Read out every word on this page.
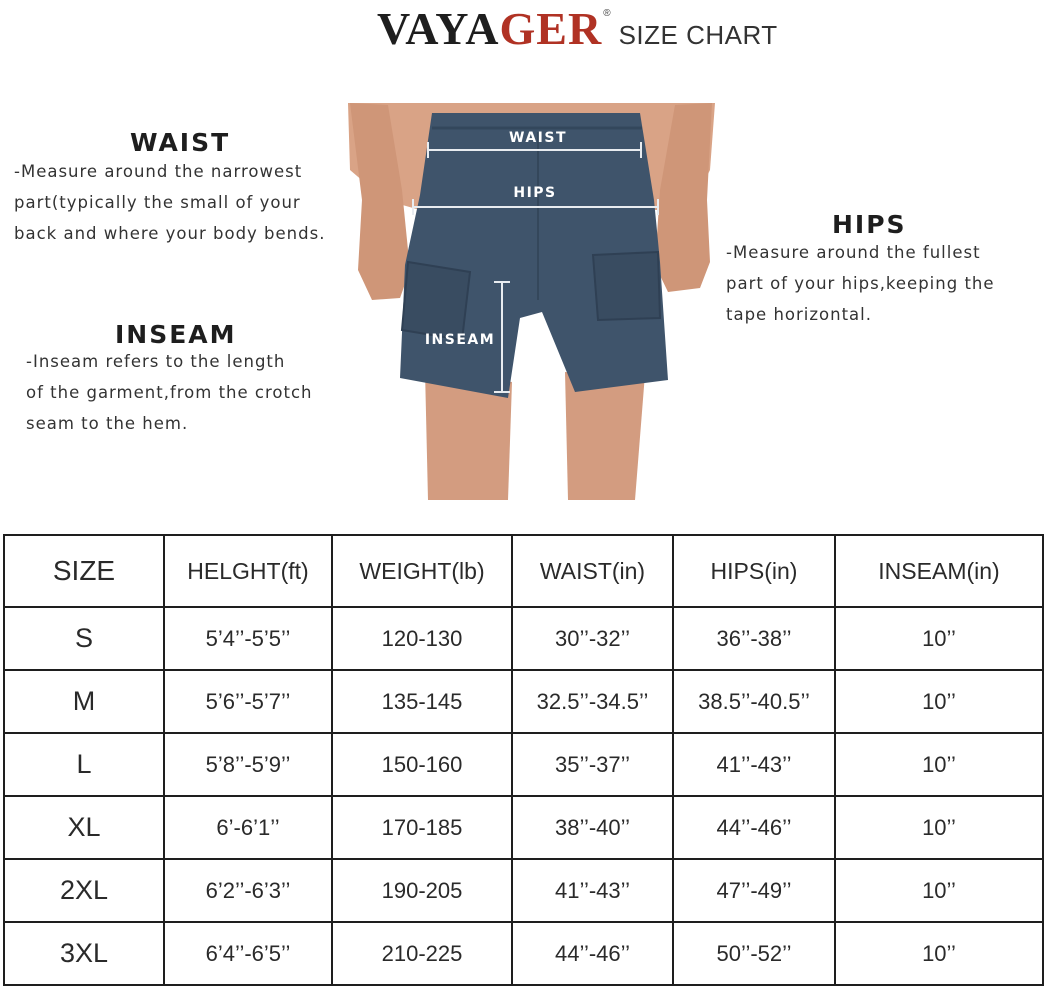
VAYA GER ®
SIZE CHART
WAIST
-Measure around the narrowest
part(typically the small of your
back and where your body bends.
INSEAM
-Inseam refers to the length
of the garment,from the crotch
seam to the hem.
HIPS
-Measure around the fullest
part of your hips,keeping the
tape horizontal.
WAIST
HIPS
INSEAM
SIZE	HELGHT(ft)	WEIGHT(lb)	WAIST(in)	HIPS(in)	INSEAM(in)
S	5’4’’-5’5’’	120-130	30’’-32’’	36’’-38’’	10’’
M	5’6’’-5’7’’	135-145	32.5’’-34.5’’	38.5’’-40.5’’	10’’
L	5’8’’-5’9’’	150-160	35’’-37’’	41’’-43’’	10’’
XL	6’-6’1’’	170-185	38’’-40’’	44’’-46’’	10’’
2XL	6’2’’-6’3’’	190-205	41’’-43’’	47’’-49’’	10’’
3XL	6’4’’-6’5’’	210-225	44’’-46’’	50’’-52’’	10’’
